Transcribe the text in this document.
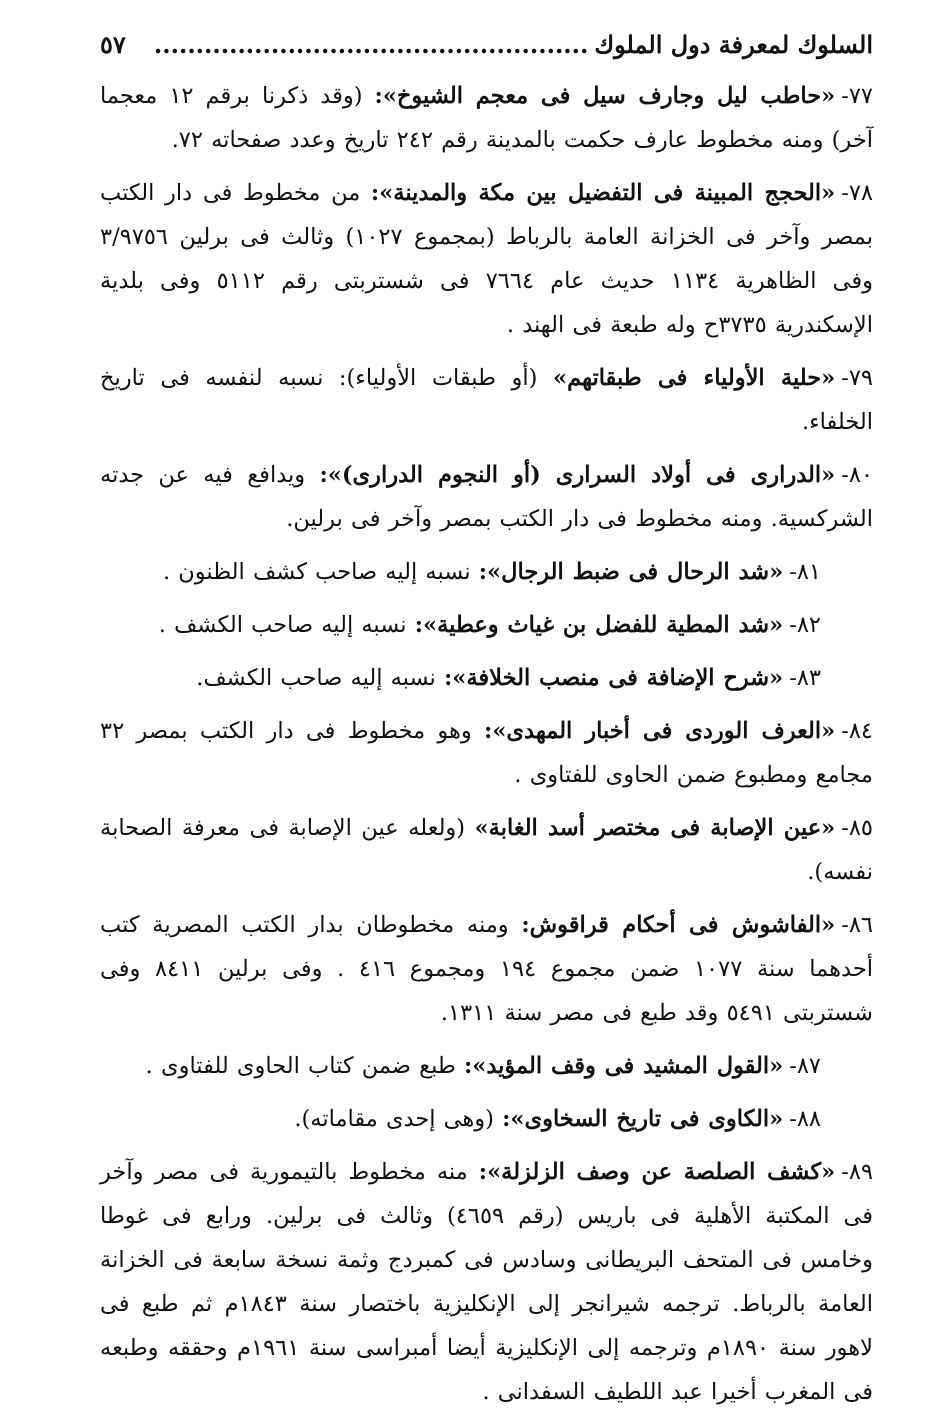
السلوك لمعرفة دول الملوك
....................................................
٥٧

٧٧-«حاطب ليل وجارف سيل فى معجم الشيوخ»: (وقد ذكرنا برقم ١٢ معجما آخر) ومنه مخطوط عارف حكمت بالمدينة رقم ٢٤٢ تاريخ وعدد صفحاته ٧٢.

٧٨-«الحجج المبينة فى التفضيل بين مكة والمدينة»: من مخطوط فى دار الكتب بمصر وآخر فى الخزانة العامة بالرباط (بمجموع ١٠٢٧) وثالث فى برلين ٣/٩٧٥٦ وفى الظاهرية ١١٣٤ حديث عام ٧٦٦٤ فى شستربتى رقم ٥١١٢ وفى بلدية الإسكندرية ٣٧٣٥ح وله طبعة فى الهند .

٧٩-«حلية الأولياء فى طبقاتهم» (أو طبقات الأولياء): نسبه لنفسه فى تاريخ الخلفاء.

٨٠-«الدرارى فى أولاد السرارى (أو النجوم الدرارى)»: ويدافع فيه عن جدته الشركسية. ومنه مخطوط فى دار الكتب بمصر وآخر فى برلين.

٨١-«شد الرحال فى ضبط الرجال»: نسبه إليه صاحب كشف الظنون .

٨٢-«شد المطية للفضل بن غياث وعطية»: نسبه إليه صاحب الكشف .

٨٣-«شرح الإضافة فى منصب الخلافة»: نسبه إليه صاحب الكشف.

٨٤-«العرف الوردى فى أخبار المهدى»: وهو مخطوط فى دار الكتب بمصر ٣٢ مجامع ومطبوع ضمن الحاوى للفتاوى .

٨٥-«عين الإصابة فى مختصر أسد الغابة» (ولعله عين الإصابة فى معرفة الصحابة نفسه).

٨٦-«الفاشوش فى أحكام قراقوش: ومنه مخطوطان بدار الكتب المصرية كتب أحدهما سنة ١٠٧٧ ضمن مجموع ١٩٤ ومجموع ٤١٦ . وفى برلين ٨٤١١ وفى شستربتى ٥٤٩١ وقد طبع فى مصر سنة ١٣١١.

٨٧-«القول المشيد فى وقف المؤيد»: طبع ضمن كتاب الحاوى للفتاوى .

٨٨-«الكاوى فى تاريخ السخاوى»: (وهى إحدى مقاماته).

٨٩-«كشف الصلصة عن وصف الزلزلة»: منه مخطوط بالتيمورية فى مصر وآخر فى المكتبة الأهلية فى باريس (رقم ٤٦٥٩) وثالث فى برلين. ورابع فى غوطا وخامس فى المتحف البريطانى وسادس فى كمبردج وثمة نسخة سابعة فى الخزانة العامة بالرباط. ترجمه شيرانجر إلى الإنكليزية باختصار سنة ١٨٤٣م ثم طبع فى لاهور سنة ١٨٩٠م وترجمه إلى الإنكليزية أيضا أمبراسى سنة ١٩٦١م وحققه وطبعه فى المغرب أخيرا عبد اللطيف السفدانى .
